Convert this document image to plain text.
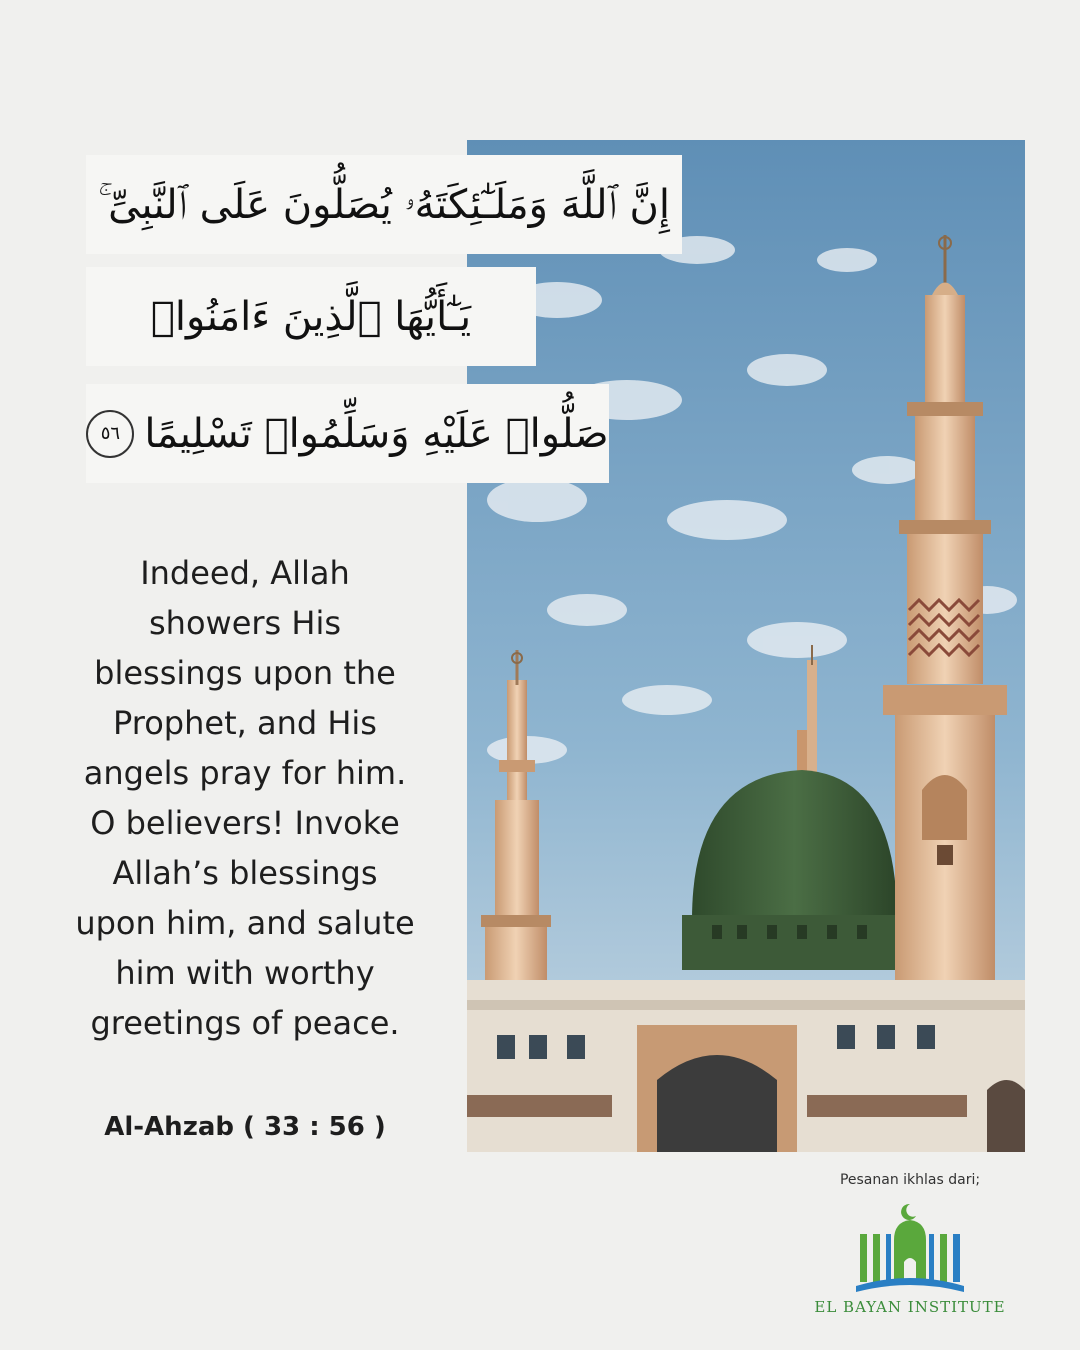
إِنَّ ٱللَّهَ وَمَلَـٰٓئِكَتَهُۥ يُصَلُّونَ عَلَى ٱلنَّبِىِّ ۚ
يَـٰٓأَيُّهَا ٱلَّذِينَ ءَامَنُوا۟
صَلُّوا۟ عَلَيْهِ وَسَلِّمُوا۟ تَسْلِيمًا
٥٦
Indeed, Allah
showers His
blessings upon the
Prophet, and His
angels pray for him.
O believers! Invoke
Allah’s blessings
upon him, and salute
him with worthy
greetings of peace.
Al-Ahzab ( 33 : 56 )
Pesanan ikhlas dari;
EL BAYAN INSTITUTE
